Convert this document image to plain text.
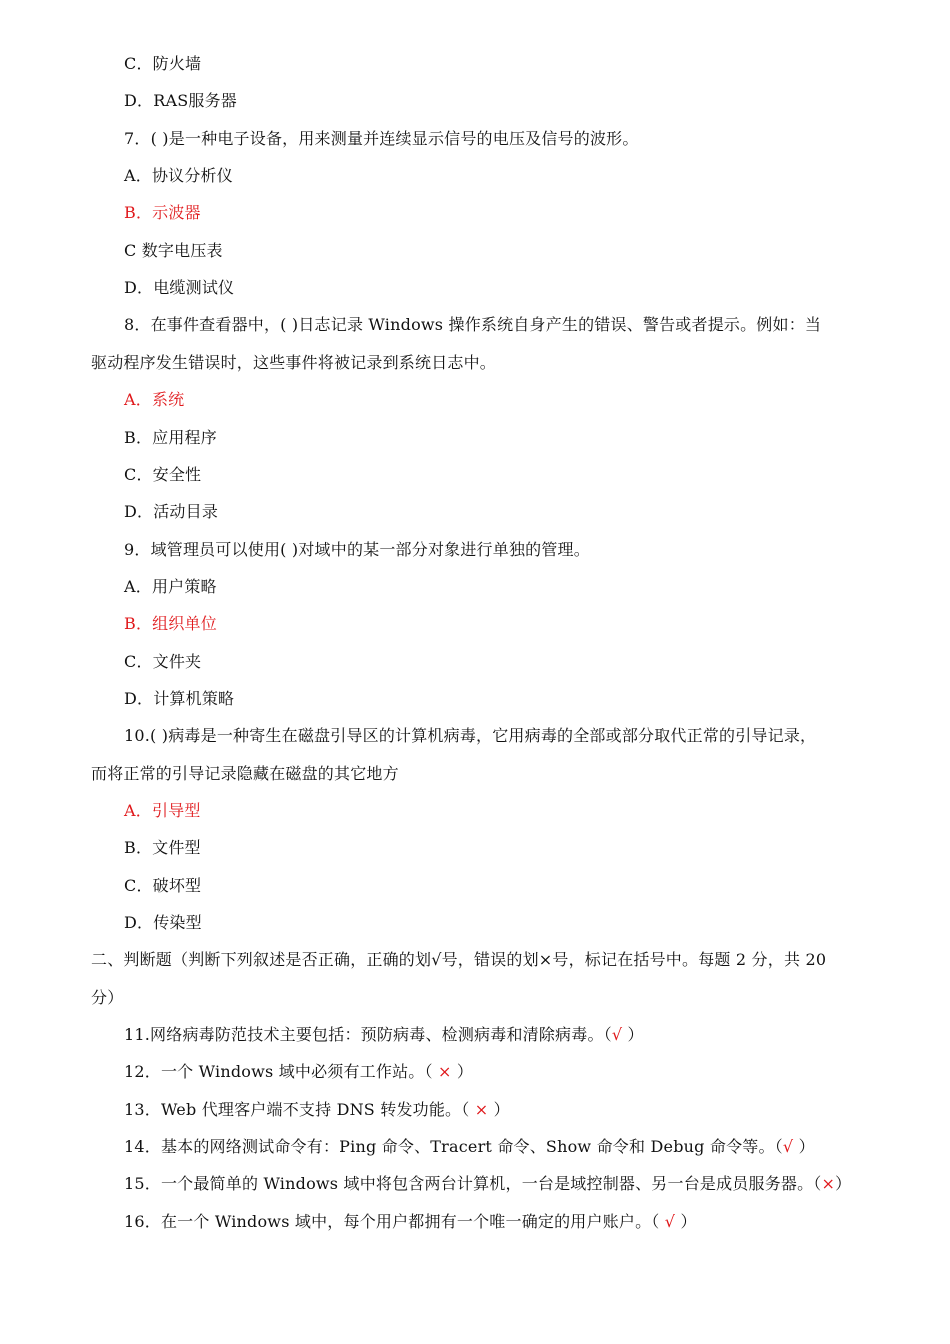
C．防火墙
D．RAS服务器
7．( )是一种电子设备，用来测量并连续显示信号的电压及信号的波形。
A．协议分析仪
B．示波器
C 数字电压表
D．电缆测试仪
8．在事件查看器中，( )日志记录 Windows 操作系统自身产生的错误、警告或者提示。例如：当
驱动程序发生错误时，这些事件将被记录到系统日志中。
A．系统
B．应用程序
C．安全性
D．活动目录
9．域管理员可以使用( )对域中的某一部分对象进行单独的管理。
A．用户策略
B．组织单位
C．文件夹
D．计算机策略
10.( )病毒是一种寄生在磁盘引导区的计算机病毒，它用病毒的全部或部分取代正常的引导记录，
而将正常的引导记录隐藏在磁盘的其它地方
A．引导型
B．文件型
C．破坏型
D．传染型
二、判断题（判断下列叙述是否正确，正确的划√号，错误的划×号，标记在括号中。每题 2 分，共 20
分）
11.网络病毒防范技术主要包括：预防病毒、检测病毒和清除病毒。（√ ）
12．一个 Windows 域中必须有工作站。（ × ）
13．Web 代理客户端不支持 DNS 转发功能。（ × ）
14．基本的网络测试命令有：Ping 命令、Tracert 命令、Show 命令和 Debug 命令等。（√ ）
15．一个最简单的 Windows 域中将包含两台计算机，一台是域控制器、另一台是成员服务器。（×）
16．在一个 Windows 域中，每个用户都拥有一个唯一确定的用户账户。（ √ ）
